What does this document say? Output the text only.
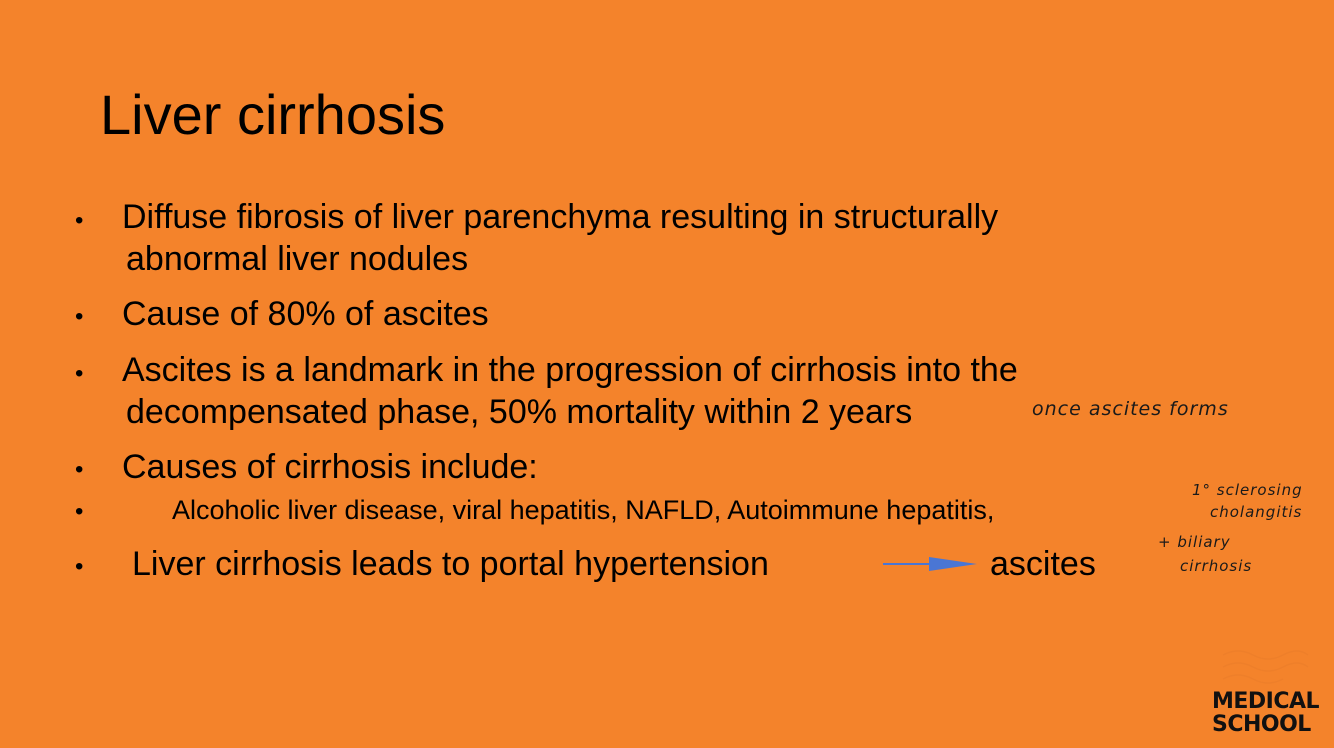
Liver cirrhosis
• Diffuse fibrosis of liver parenchyma resulting in structurally
abnormal liver nodules
• Cause of 80% of ascites
• Ascites is a landmark in the progression of cirrhosis into the
decompensated phase, 50% mortality within 2 years
• Causes of cirrhosis include:
•	Alcoholic liver disease, viral hepatitis, NAFLD, Autoimmune hepatitis,
• Liver cirrhosis leads to portal hypertension	ascites
once ascites forms
1° sclerosing
cholangitis
+ biliary
cirrhosis
MEDICAL
SCHOOL
